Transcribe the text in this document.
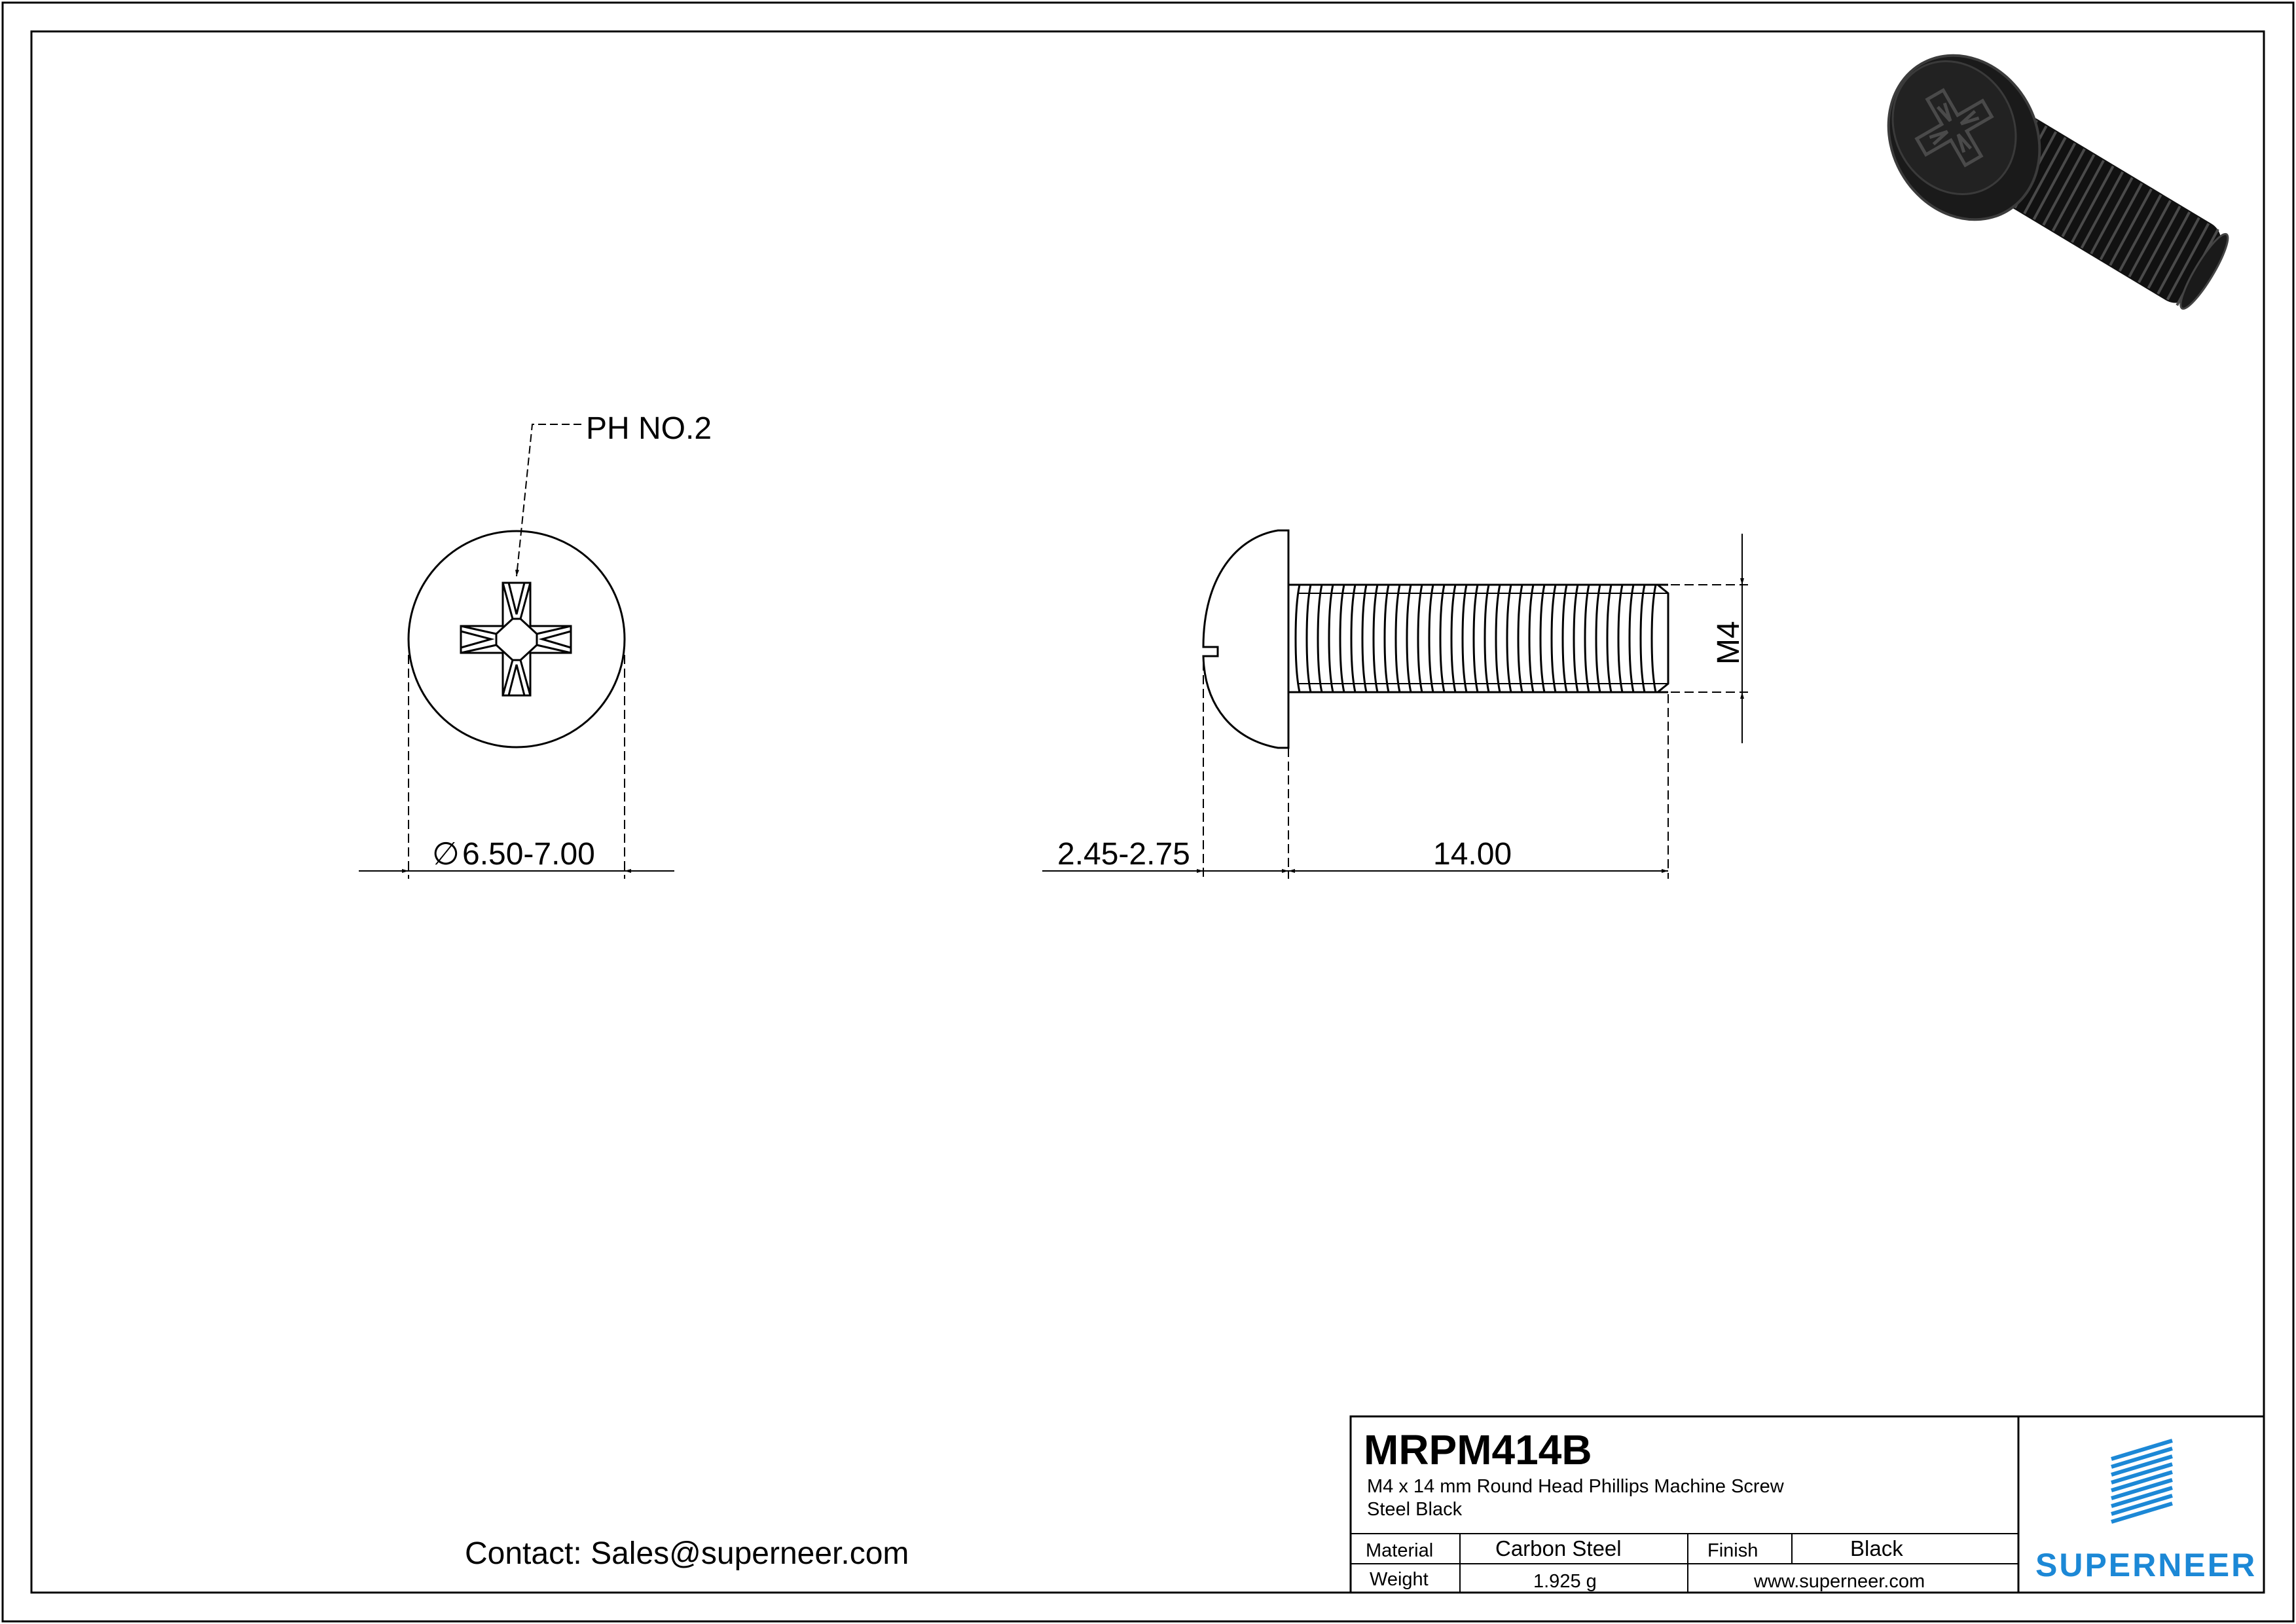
PH NO.2
∅ 6.50-7.00
M4
2.45-2.75	14.00
Contact: Sales@superneer.com
MRPM414B
M4 x 14 mm Round Head Phillips Machine Screw
Steel Black
Material	Carbon Steel	Finish	Black
Weight	1.925 g	www.superneer.com	SUPERNEER
